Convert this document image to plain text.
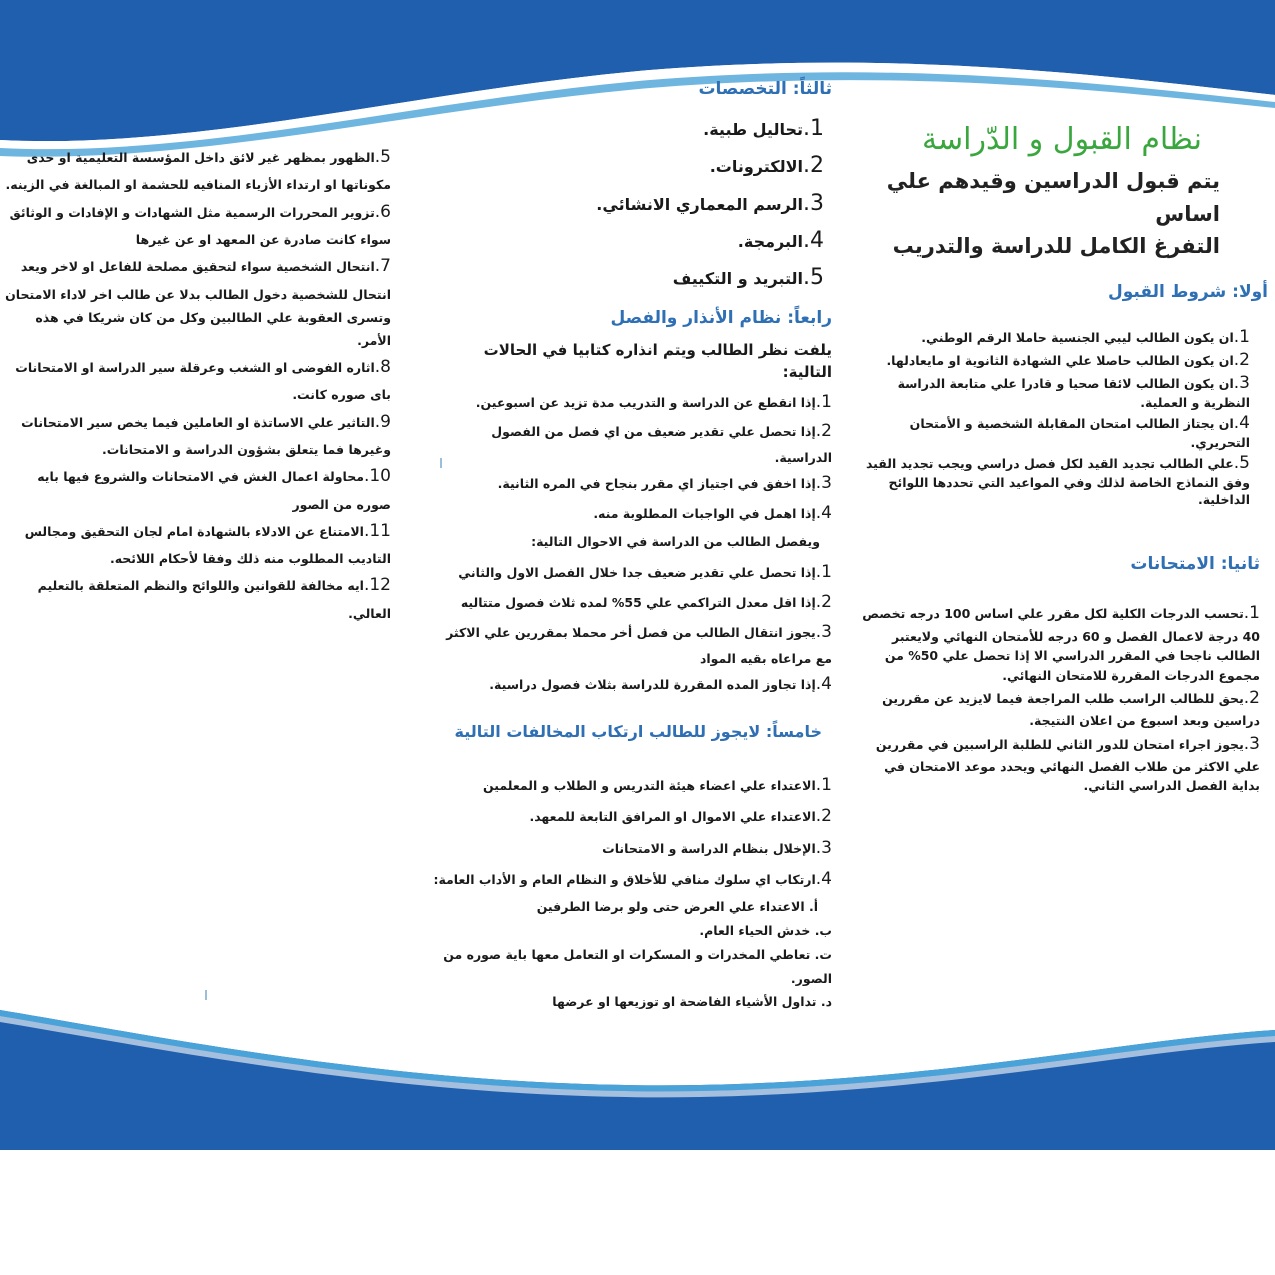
نظام القبول و الدّراسة

يتم قبول الدراسين وقيدهم علي اساس

التفرغ الكامل للدراسة والتدريب

أولا: شروط القبول
1.ان يكون الطالب ليبي الجنسية حاملا الرقم الوطني.
2.ان يكون الطالب حاصلا علي الشهادة الثانوية او مايعادلها.
3.ان يكون الطالب لائقا صحيا و قادرا علي متابعة الدراسة النظرية و العملية.
4.ان يجتاز الطالب امتحان المقابلة الشخصية و الأمتحان التحريري.
5.علي الطالب تجديد القيد لكل فصل دراسي ويجب تجديد القيد وفق النماذج الخاصة لذلك وفي المواعيد التي تحددها اللوائح الداخلية.
ثانيا: الامتحانات
1.تحسب الدرجات الكلية لكل مقرر علي اساس 100 درجه تخصص 40 درجة لاعمال الفصل و 60 درجه للأمتحان النهائي ولايعتبر الطالب ناجحا في المقرر الدراسي الا إذا تحصل علي 50% من مجموع الدرجات المقررة للامتحان النهائي.
2.يحق للطالب الراسب طلب المراجعة فيما لايزيد عن مقررين دراسين وبعد اسبوع من اعلان النتيجة.
3.يجوز اجراء امتحان للدور الثاني للطلبة الراسبين في مقررين علي الاكثر من طلاب الفصل النهائي ويحدد موعد الامتحان في بداية الفصل الدراسي الثاني.
ثالثاً: التخصصات
1.تحاليل طبية.
2.الالكترونات.
3.الرسم المعماري الانشائي.
4.البرمجة.
5.التبريد و التكييف
رابعاً: نظام الأنذار والفصل

يلفت نظر الطالب ويتم انذاره كتابيا في الحالات التالية:

1.إذا انقطع عن الدراسة و التدريب مدة تزيد عن اسبوعين.
2.إذا تحصل علي تقدير ضعيف من اي فصل من الفصول الدراسية.
3.إذا اخفق في اجتياز اي مقرر بنجاح في المره الثانية.
4.إذا اهمل في الواجبات المطلوبة منه.

ويفصل الطالب من الدراسة في الاحوال التالية:

1.إذا تحصل علي تقدير ضعيف جدا خلال الفصل الاول والثاني
2.إذا اقل معدل التراكمي علي 55% لمده ثلاث فصول متتاليه
3.يجوز انتقال الطالب من فصل أخر محملا بمقررين علي الاكثر مع مراعاه بقيه المواد
4.إذا تجاوز المده المقررة للدراسة بثلاث فصول دراسية.
خامساً: لايجوز للطالب ارتكاب المخالفات التالية
1.الاعتداء علي اعضاء هيئة التدريس و الطلاب و المعلمين
2.الاعتداء علي الاموال او المرافق التابعة للمعهد.
3.الإخلال بنظام الدراسة و الامتحانات
4.ارتكاب اي سلوك منافي للأخلاق و النظام العام و الأداب العامة:

أ. الاعتداء علي العرض حتى ولو برضا الطرفين

ب. خدش الحياء العام.

ت. تعاطي المخدرات و المسكرات او التعامل معها باية صوره من الصور.

د. تداول الأشياء الفاضحة او توزيعها او عرضها

5.الظهور بمظهر غير لائق داخل المؤسسة التعليمية او حدى مكوناتها او ارتداء الأزياء المنافيه للحشمة او المبالغة في الزينه.
6.تزوير المحررات الرسمية مثل الشهادات و الإفادات و الوثائق سواء كانت صادرة عن المعهد او عن غيرها
7.انتحال الشخصية سواء لتحقيق مصلحة للفاعل او لاخر ويعد انتحال للشخصية دخول الطالب بدلا عن طالب اخر لاداء الامتحان وتسرى العقوبة علي الطالبين وكل من كان شريكا في هذه الأمر.
8.اثاره الفوضى او الشغب وعرقلة سير الدراسة او الامتحانات باى صوره كانت.
9.التاثير علي الاساتذة او العاملين فيما يخص سير الامتحانات وغيرها فما يتعلق بشؤون الدراسة و الامتحانات.
10.محاولة اعمال الغش في الامتحانات والشروع فيها بايه صوره من الصور
11.الامتناع عن الادلاء بالشهادة امام لجان التحقيق ومجالس التاديب المطلوب منه ذلك وفقا لأحكام اللائحه.
12.ايه مخالفة للقوانين واللوائح والنظم المتعلقة بالتعليم العالي.
